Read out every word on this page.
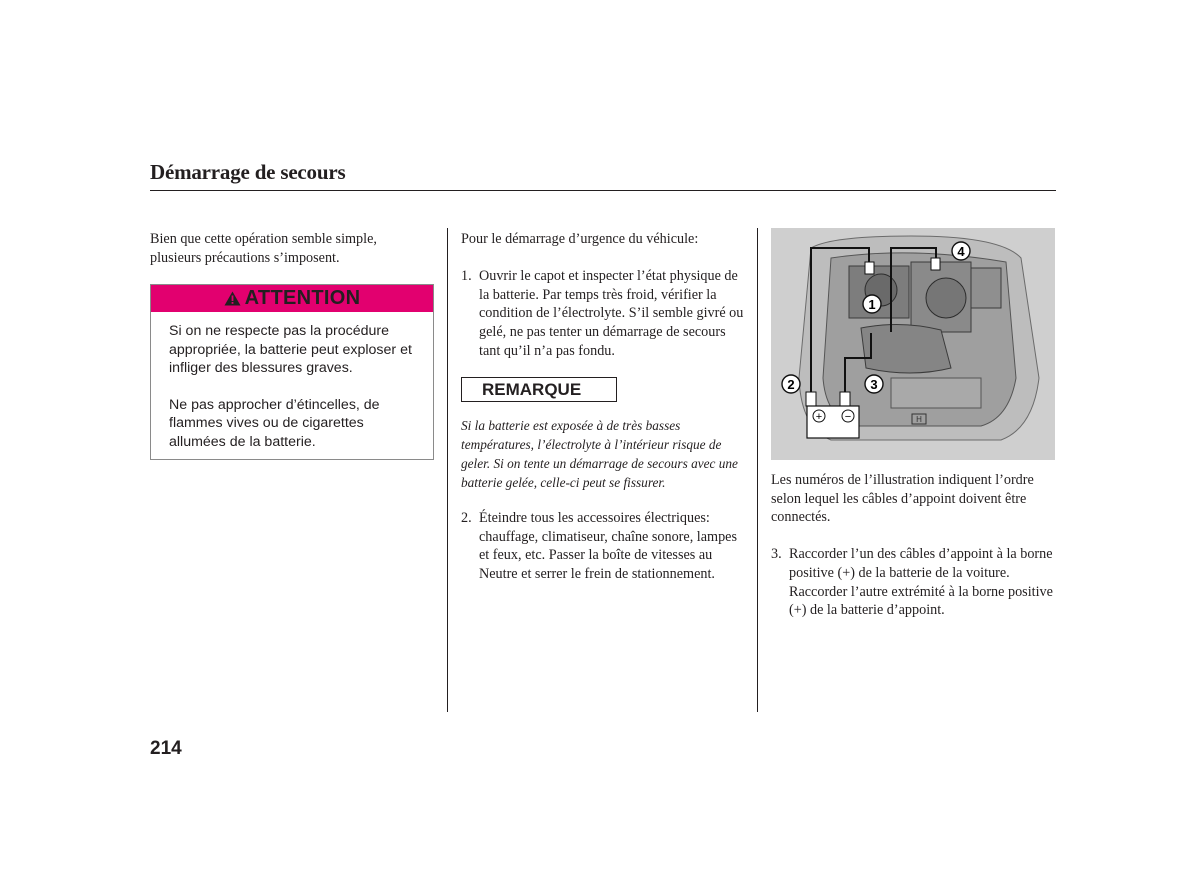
Démarrage de secours
Bien que cette opération semble simple, plusieurs précautions s’imposent.
ATTENTION

Si on ne respecte pas la procédure appropriée, la batterie peut exploser et infliger des blessures graves.

Ne pas approcher d’étincelles, de flammes vives ou de cigarettes allumées de la batterie.

Pour le démarrage d’urgence du véhicule:

1. Ouvrir le capot et inspecter l’état physique de la batterie. Par temps très froid, vérifier la condition de l’électrolyte. S’il semble givré ou gelé, ne pas tenter un démarrage de secours tant qu’il n’a pas fondu.
REMARQUE
Si la batterie est exposée à de très basses températures, l’électrolyte à l’intérieur risque de geler. Si on tente un démarrage de secours avec une batterie gelée, celle-ci peut se fissurer.
2. Éteindre tous les accessoires électriques: chauffage, climatiseur, chaîne sonore, lampes et feux, etc. Passer la boîte de vitesses au Neutre et serrer le frein de stationnement.
H
+ −
1
2	3
4

Les numéros de l’illustration indiquent l’ordre selon lequel les câbles d’appoint doivent être connectés.

3. Raccorder l’un des câbles d’appoint à la borne positive (+) de la batterie de la voiture. Raccorder l’autre extrémité à la borne positive (+) de la batterie d’appoint.
214
